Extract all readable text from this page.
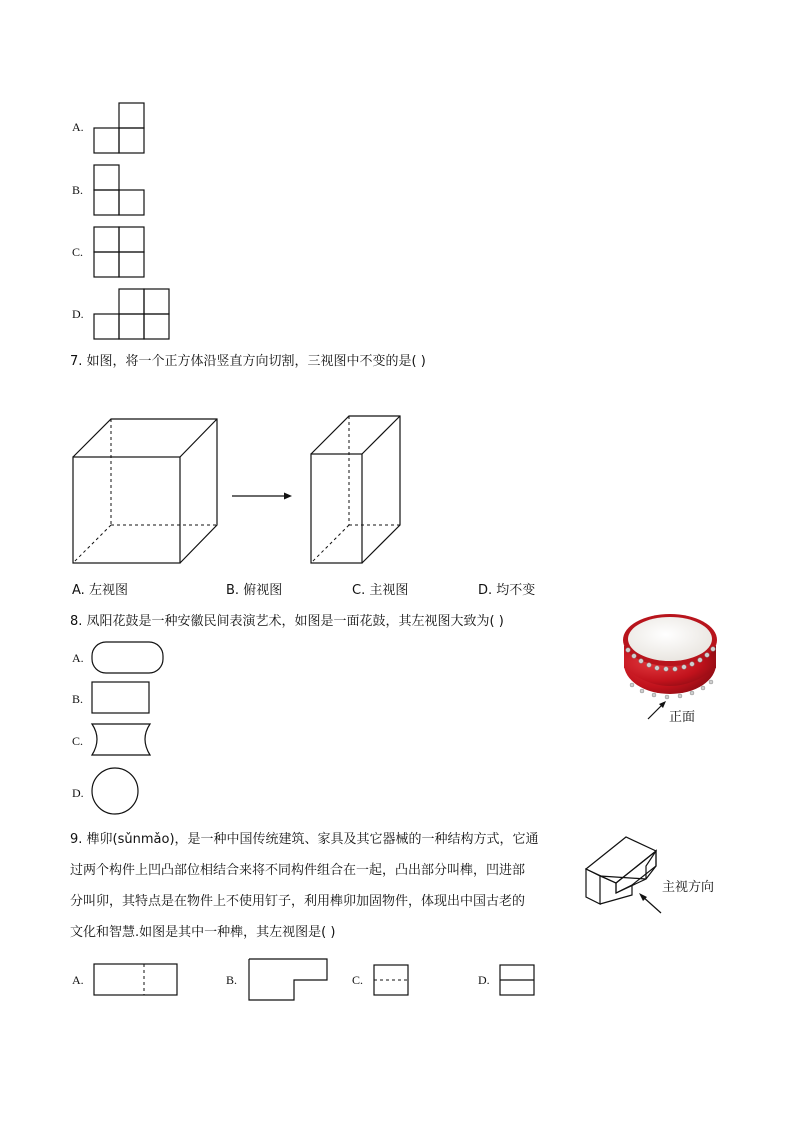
A.
B.
C.
D.
7. 如图，将一个正方体沿竖直方向切割，三视图中不变的是( )
A. 左视图	B. 俯视图	C. 主视图	D. 均不变
8. 凤阳花鼓是一种安徽民间表演艺术，如图是一面花鼓，其左视图大致为( )
正面
A.
B.
C.
D.
9. 榫卯(sǔnmǎo)，是一种中国传统建筑、家具及其它器械的一种结构方式，它通
过两个构件上凹凸部位相结合来将不同构件组合在一起，凸出部分叫榫，凹进部
分叫卯，其特点是在物件上不使用钉子，利用榫卯加固物件，体现出中国古老的
文化和智慧.如图是其中一种榫，其左视图是( )
主视方向
A.	B.	C.	D.
